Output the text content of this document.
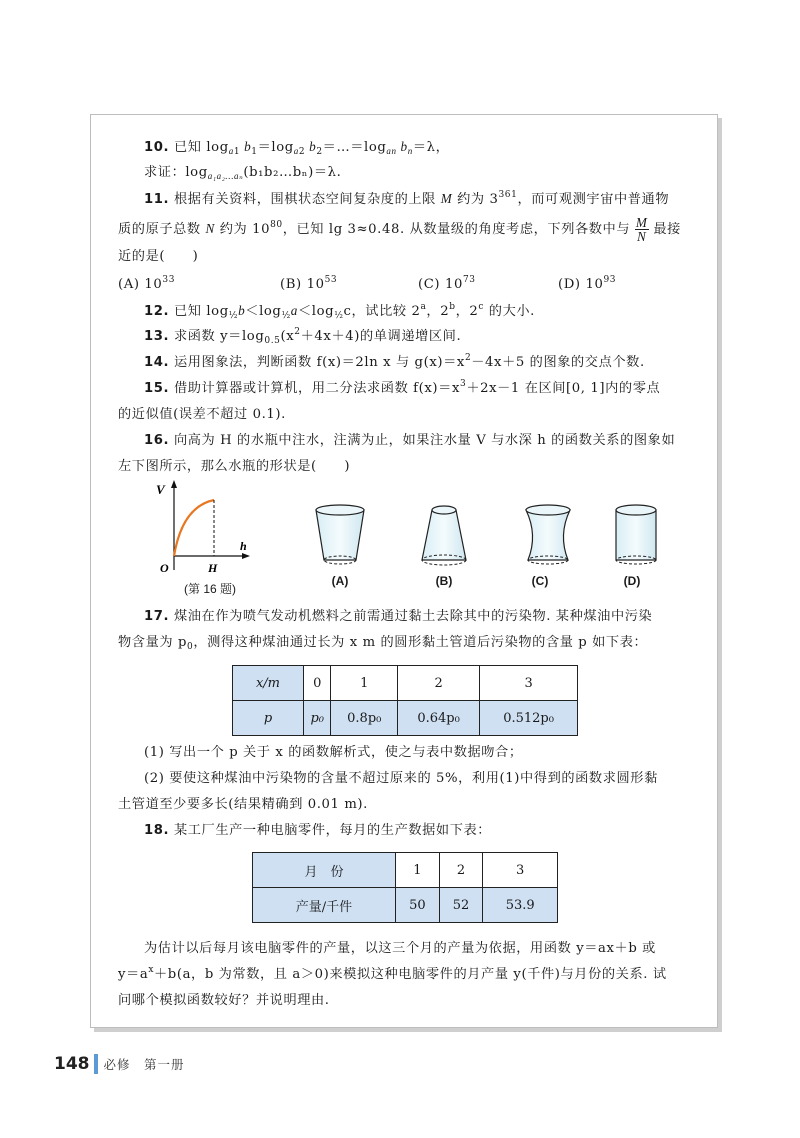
10. 已知 $\log_{a1} b_1=\log_{a2}$ $b_2=\dots=\log_{an}$ $b_n=\lambda$，
求证：$\log_{a_1a_2\dots a_n}(b_1b_2\dots b_n)=\lambda$.
11. 根据有关资料，围棋状态空间复杂度的上限 M 约为 $3^{361}$，而可观测宇宙中普通物
质的原子总数 N 约为 $10^{80}$，已知 lg 3≈0.48. 从数量级的角度考虑，下列各数中与 $\frac{M}{N}$ 最接
近的是(　　)
(A) $10^{33}$	(B) $10^{53}$	(C) $10^{73}$	(D) $10^{93}$
12. 已知 $\log_{\frac{1}{2}}b<\log_{\frac{1}{2}}a<\log_{\frac{1}{2}}c$，试比较 2$^a$，2$^b$，2$^c$ 的大小.
13. 求函数 $y=\log_{0.5}(x^2+4x+4)$的单调递增区间.
14. 运用图象法，判断函数 f(x)＝2ln x 与 $g(x)=x^2-4x+5$ 的图象的交点个数.
15. 借助计算器或计算机，用二分法求函数 $f(x)=x^3+2x-1$ 在区间[0, 1]内的零点
的近似值(误差不超过 0.1).
16. 向高为 H 的水瓶中注水，注满为止，如果注水量 V 与水深 h 的函数关系的图象如
左下图所示，那么水瓶的形状是(　　)
V
O	H
h
(第 16 题)
(A)	(B)	(C)	(D)
17. 煤油在作为喷气发动机燃料之前需通过黏土去除其中的污染物. 某种煤油中污染
物含量为 $p_0$，测得这种煤油通过长为 x m 的圆形黏土管道后污染物的含量 p 如下表：
x/m	0	1	2	3
p	p₀	0.8p₀	0.64p₀	0.512p₀
(1) 写出一个 p 关于 x 的函数解析式，使之与表中数据吻合；
(2) 要使这种煤油中污染物的含量不超过原来的 5%，利用(1)中得到的函数求圆形黏
土管道至少要多长(结果精确到 0.01 m).
18. 某工厂生产一种电脑零件，每月的生产数据如下表：
月　份	1	2	3
产量/千件	50	52	53.9
为估计以后每月该电脑零件的产量，以这三个月的产量为依据，用函数 y＝ax＋b 或
$y=a^x+b(a$，b 为常数，且 a＞0)来模拟这种电脑零件的月产量 y(千件)与月份的关系. 试
问哪个模拟函数较好？并说明理由.
148 必修　第一册
